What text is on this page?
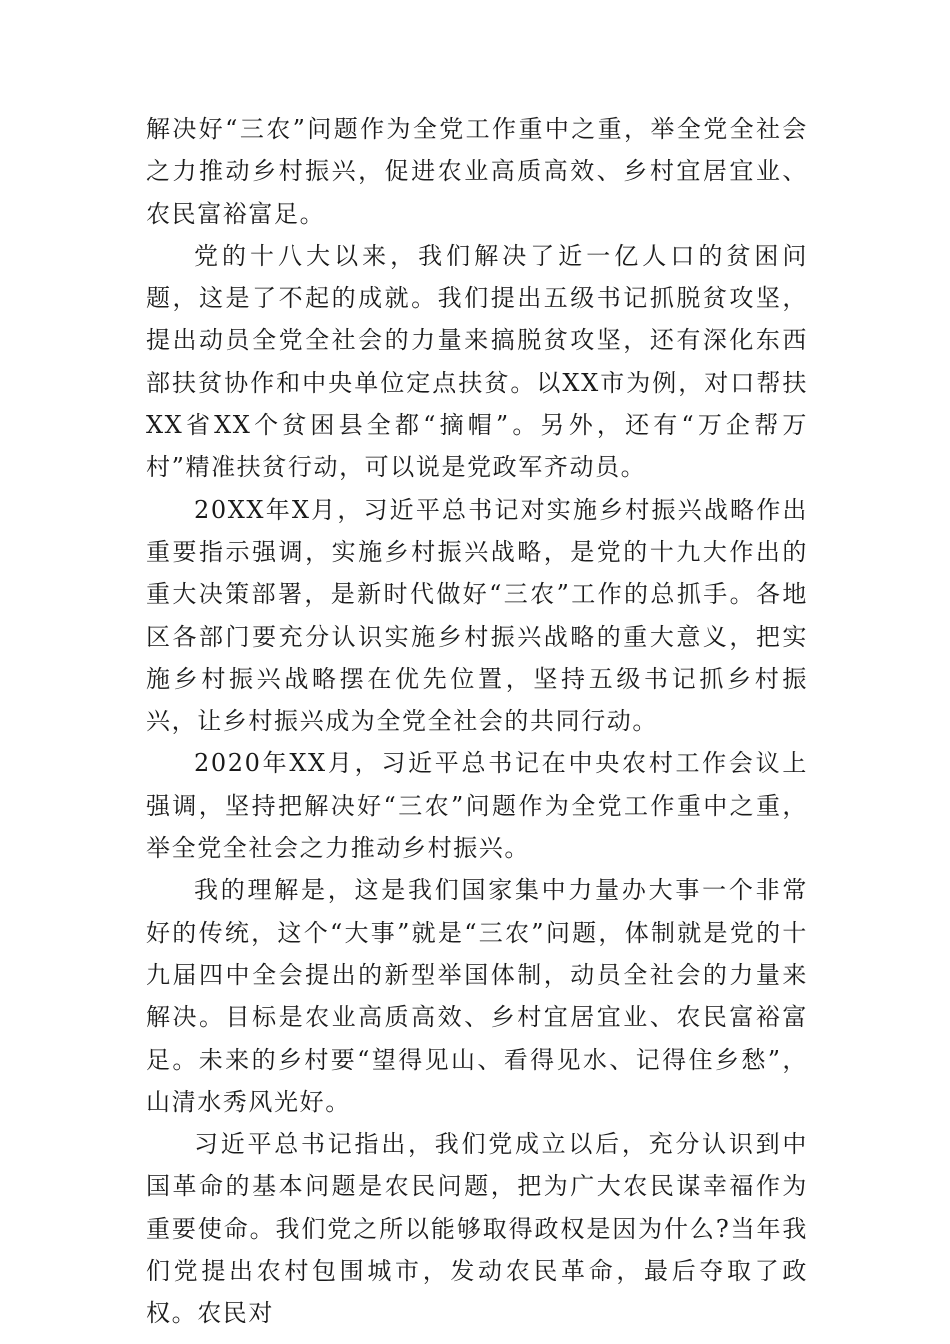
解决好“三农”问题作为全党工作重中之重，举全党全社会之力推动乡村振兴，促进农业高质高效、乡村宜居宜业、农民富裕富足。

党的十八大以来，我们解决了近一亿人口的贫困问题，这是了不起的成就。我们提出五级书记抓脱贫攻坚，提出动员全党全社会的力量来搞脱贫攻坚，还有深化东西部扶贫协作和中央单位定点扶贫。以XX市为例，对口帮扶XX省XX个贫困县全都“摘帽”。另外，还有“万企帮万村”精准扶贫行动，可以说是党政军齐动员。

20XX年X月，习近平总书记对实施乡村振兴战略作出重要指示强调，实施乡村振兴战略，是党的十九大作出的重大决策部署，是新时代做好“三农”工作的总抓手。各地区各部门要充分认识实施乡村振兴战略的重大意义，把实施乡村振兴战略摆在优先位置，坚持五级书记抓乡村振兴，让乡村振兴成为全党全社会的共同行动。

2020年XX月，习近平总书记在中央农村工作会议上强调，坚持把解决好“三农”问题作为全党工作重中之重，举全党全社会之力推动乡村振兴。

我的理解是，这是我们国家集中力量办大事一个非常好的传统，这个“大事”就是“三农”问题，体制就是党的十九届四中全会提出的新型举国体制，动员全社会的力量来解决。目标是农业高质高效、乡村宜居宜业、农民富裕富足。未来的乡村要“望得见山、看得见水、记得住乡愁”，山清水秀风光好。

习近平总书记指出，我们党成立以后，充分认识到中国革命的基本问题是农民问题，把为广大农民谋幸福作为重要使命。我们党之所以能够取得政权是因为什么?当年我们党提出农村包围城市，发动农民革命，最后夺取了政权。农民对
